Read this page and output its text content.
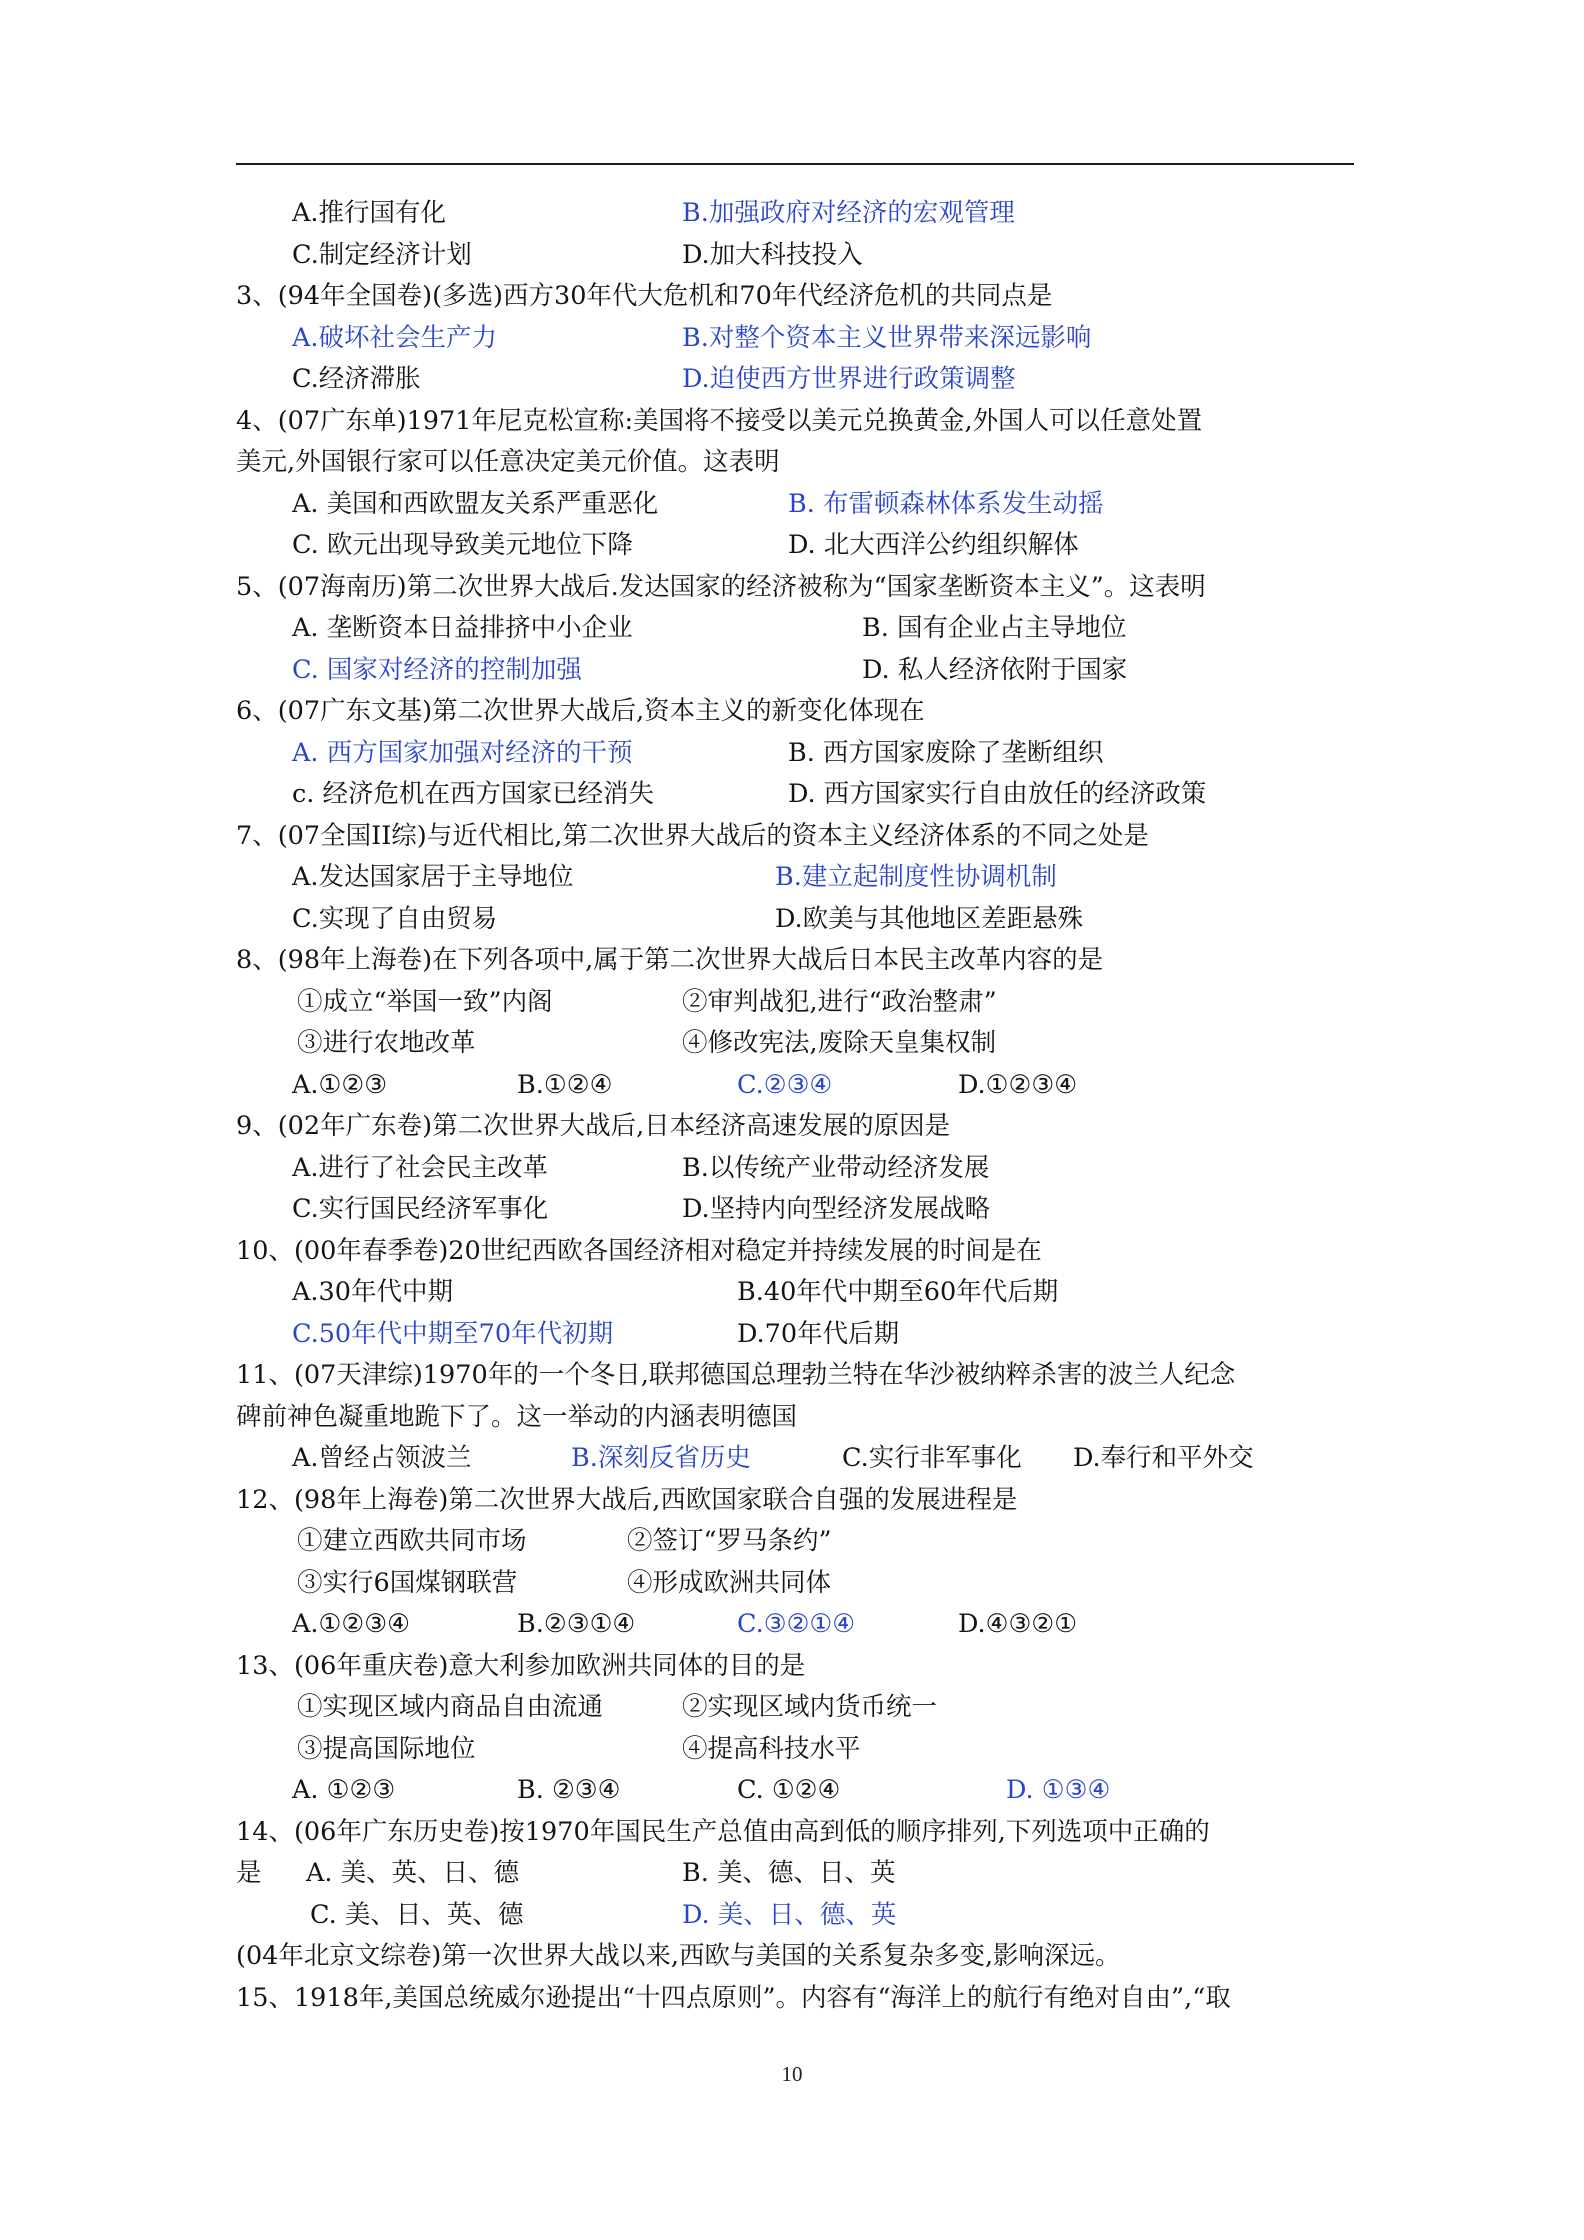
A.推行国有化	B.加强政府对经济的宏观管理
C.制定经济计划	D.加大科技投入
3、(94年全国卷)(多选)西方30年代大危机和70年代经济危机的共同点是
A.破坏社会生产力	B.对整个资本主义世界带来深远影响
C.经济滞胀	D.迫使西方世界进行政策调整
4、(07广东单)1971年尼克松宣称:美国将不接受以美元兑换黄金,外国人可以任意处置
美元,外国银行家可以任意决定美元价值。这表明
A. 美国和西欧盟友关系严重恶化	B. 布雷顿森林体系发生动摇
C. 欧元出现导致美元地位下降	D. 北大西洋公约组织解体
5、(07海南历)第二次世界大战后.发达国家的经济被称为“国家垄断资本主义”。这表明
A. 垄断资本日益排挤中小企业	B. 国有企业占主导地位
C. 国家对经济的控制加强	D. 私人经济依附于国家
6、(07广东文基)第二次世界大战后,资本主义的新变化体现在
A. 西方国家加强对经济的干预	B. 西方国家废除了垄断组织
c. 经济危机在西方国家已经消失	D. 西方国家实行自由放任的经济政策
7、(07全国II综)与近代相比,第二次世界大战后的资本主义经济体系的不同之处是
A.发达国家居于主导地位	B.建立起制度性协调机制
C.实现了自由贸易	D.欧美与其他地区差距悬殊
8、(98年上海卷)在下列各项中,属于第二次世界大战后日本民主改革内容的是
①成立“举国一致”内阁	②审判战犯,进行“政治整肃”
③进行农地改革	④修改宪法,废除天皇集权制
A.①②③	B.①②④	C.②③④	D.①②③④
9、(02年广东卷)第二次世界大战后,日本经济高速发展的原因是
A.进行了社会民主改革	B.以传统产业带动经济发展
C.实行国民经济军事化	D.坚持内向型经济发展战略
10、(00年春季卷)20世纪西欧各国经济相对稳定并持续发展的时间是在
A.30年代中期	B.40年代中期至60年代后期
C.50年代中期至70年代初期	D.70年代后期
11、(07天津综)1970年的一个冬日,联邦德国总理勃兰特在华沙被纳粹杀害的波兰人纪念
碑前神色凝重地跪下了。这一举动的内涵表明德国
A.曾经占领波兰	B.深刻反省历史	C.实行非军事化 D.奉行和平外交
12、(98年上海卷)第二次世界大战后,西欧国家联合自强的发展进程是
①建立西欧共同市场	②签订“罗马条约”
③实行6国煤钢联营	④形成欧洲共同体
A.①②③④	B.②③①④	C.③②①④	D.④③②①
13、(06年重庆卷)意大利参加欧洲共同体的目的是
①实现区域内商品自由流通	②实现区域内货币统一
③提高国际地位	④提高科技水平
A. ①②③	B. ②③④	C. ①②④	D. ①③④
14、(06年广东历史卷)按1970年国民生产总值由高到低的顺序排列,下列选项中正确的
是 A. 美、英、日、德	B. 美、德、日、英
C. 美、日、英、德	D. 美、日、德、英
(04年北京文综卷)第一次世界大战以来,西欧与美国的关系复杂多变,影响深远。
15、1918年,美国总统威尔逊提出“十四点原则”。内容有“海洋上的航行有绝对自由”,“取
10
